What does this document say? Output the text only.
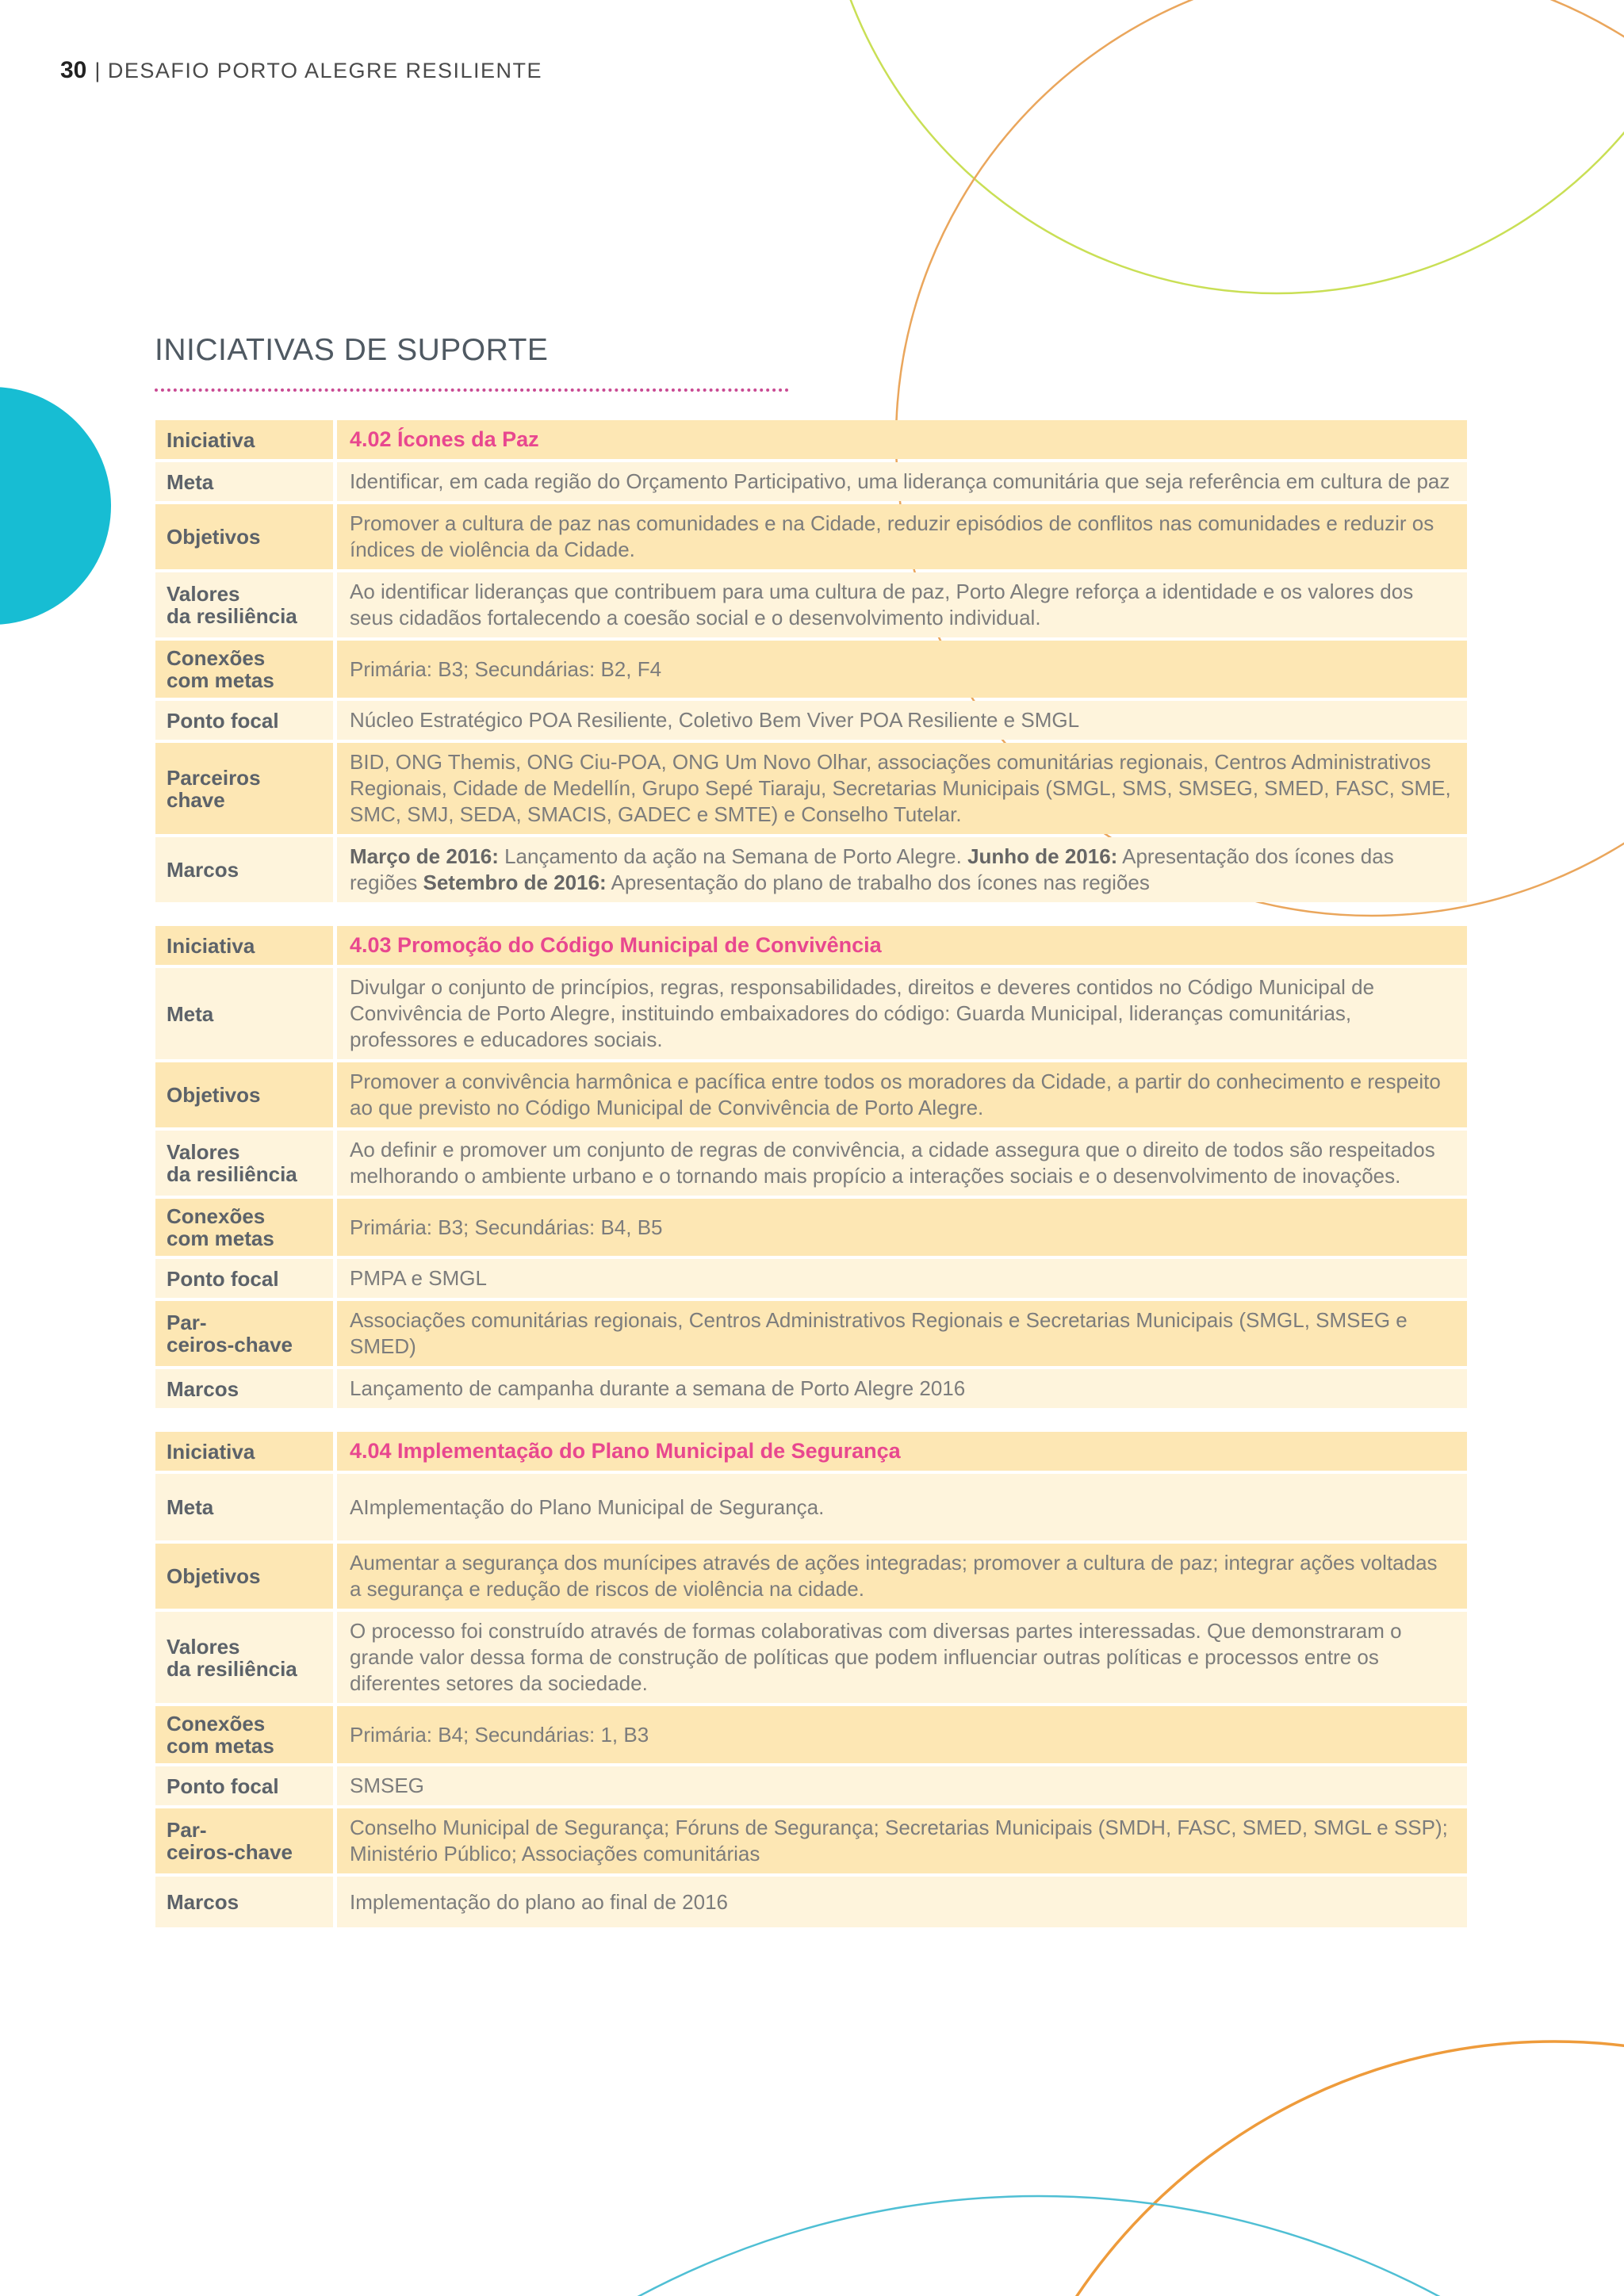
30 | DESAFIO PORTO ALEGRE RESILIENTE
INICIATIVAS DE SUPORTE
Iniciativa	4.02 Ícones da Paz
Meta	Identificar, em cada região do Orçamento Participativo, uma liderança comunitária que seja referência em cultura de paz
Objetivos	Promover a cultura de paz nas comunidades e na Cidade, reduzir episódios de conflitos nas comunidades e reduzir os índices de violência da Cidade.
Valores
da resiliência	Ao identificar lideranças que contribuem para uma cultura de paz, Porto Alegre reforça a identidade e os valores dos seus cidadãos fortalecendo a coesão social e o desenvolvimento individual.
Conexões
com metas	Primária: B3; Secundárias: B2, F4
Ponto focal	Núcleo Estratégico POA Resiliente, Coletivo Bem Viver POA Resiliente e SMGL
Parceiros
chave	BID, ONG Themis, ONG Ciu-POA, ONG Um Novo Olhar, associações comunitárias regionais, Centros Administrativos Regionais, Cidade de Medellín, Grupo Sepé Tiaraju, Secretarias Municipais (SMGL, SMS, SMSEG, SMED, FASC, SME, SMC, SMJ, SEDA, SMACIS, GADEC e SMTE) e Conselho Tutelar.
Marcos	Março de 2016: Lançamento da ação na Semana de Porto Alegre. Junho de 2016: Apresentação dos ícones das regiões Setembro de 2016: Apresentação do plano de trabalho dos ícones nas regiões
Iniciativa	4.03 Promoção do Código Municipal de Convivência
Meta	Divulgar o conjunto de princípios, regras, responsabilidades, direitos e deveres contidos no Código Municipal de Convivência de Porto Alegre, instituindo embaixadores do código: Guarda Municipal, lideranças comunitárias, professores e educadores sociais.
Objetivos	Promover a convivência harmônica e pacífica entre todos os moradores da Cidade, a partir do conhecimento e respeito ao que previsto no Código Municipal de Convivência de Porto Alegre.
Valores
da resiliência	Ao definir e promover um conjunto de regras de convivência, a cidade assegura que o direito de todos são respeitados melhorando o ambiente urbano e o tornando mais propício a interações sociais e o desenvolvimento de inovações.
Conexões
com metas	Primária: B3; Secundárias: B4, B5
Ponto focal	PMPA e SMGL
Par-
ceiros-chave	Associações comunitárias regionais, Centros Administrativos Regionais e Secretarias Municipais (SMGL, SMSEG e SMED)
Marcos	Lançamento de campanha durante a semana de Porto Alegre 2016
Iniciativa	4.04 Implementação do Plano Municipal de Segurança
Meta	AImplementação do Plano Municipal de Segurança.
Objetivos	Aumentar a segurança dos munícipes através de ações integradas; promover a cultura de paz; integrar ações voltadas a segurança e redução de riscos de violência na cidade.
Valores
da resiliência	O processo foi construído através de formas colaborativas com diversas partes interessadas. Que demonstraram o grande valor dessa forma de construção de políticas que podem influenciar outras políticas e processos entre os diferentes setores da sociedade.
Conexões
com metas	Primária: B4; Secundárias: 1, B3
Ponto focal	SMSEG
Par-
ceiros-chave	Conselho Municipal de Segurança; Fóruns de Segurança; Secretarias Municipais (SMDH, FASC, SMED, SMGL e SSP); Ministério Público; Associações comunitárias
Marcos	Implementação do plano ao final de 2016
